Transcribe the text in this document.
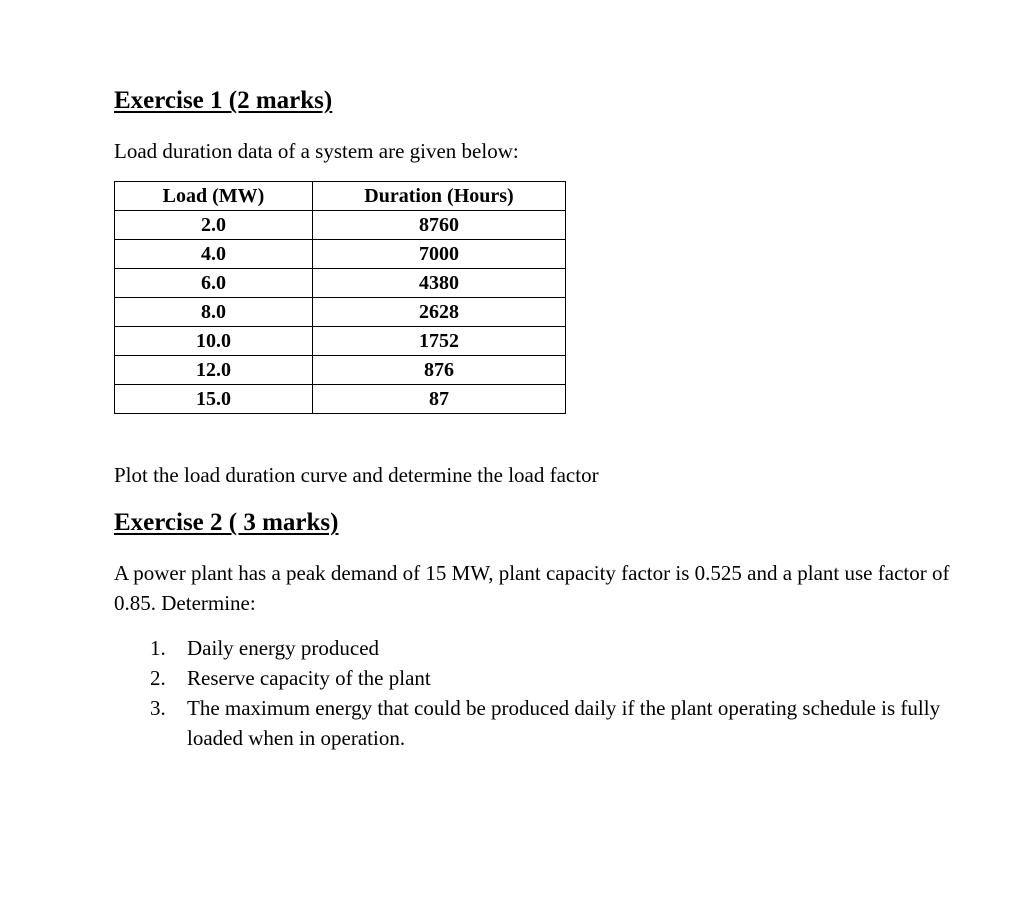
Exercise 1 (2 marks)

Load duration data of a system are given below:

Load (MW)	Duration (Hours)
2.0	8760
4.0	7000
6.0	4380
8.0	2628
10.0	1752
12.0	876
15.0	87

Plot the load duration curve and determine the load factor

Exercise 2 ( 3 marks)

A power plant has a peak demand of 15 MW, plant capacity factor is 0.525 and a plant use factor of 0.85. Determine:

1. Daily energy produced
2. Reserve capacity of the plant
3. The maximum energy that could be produced daily if the plant operating schedule is fully loaded when in operation.
